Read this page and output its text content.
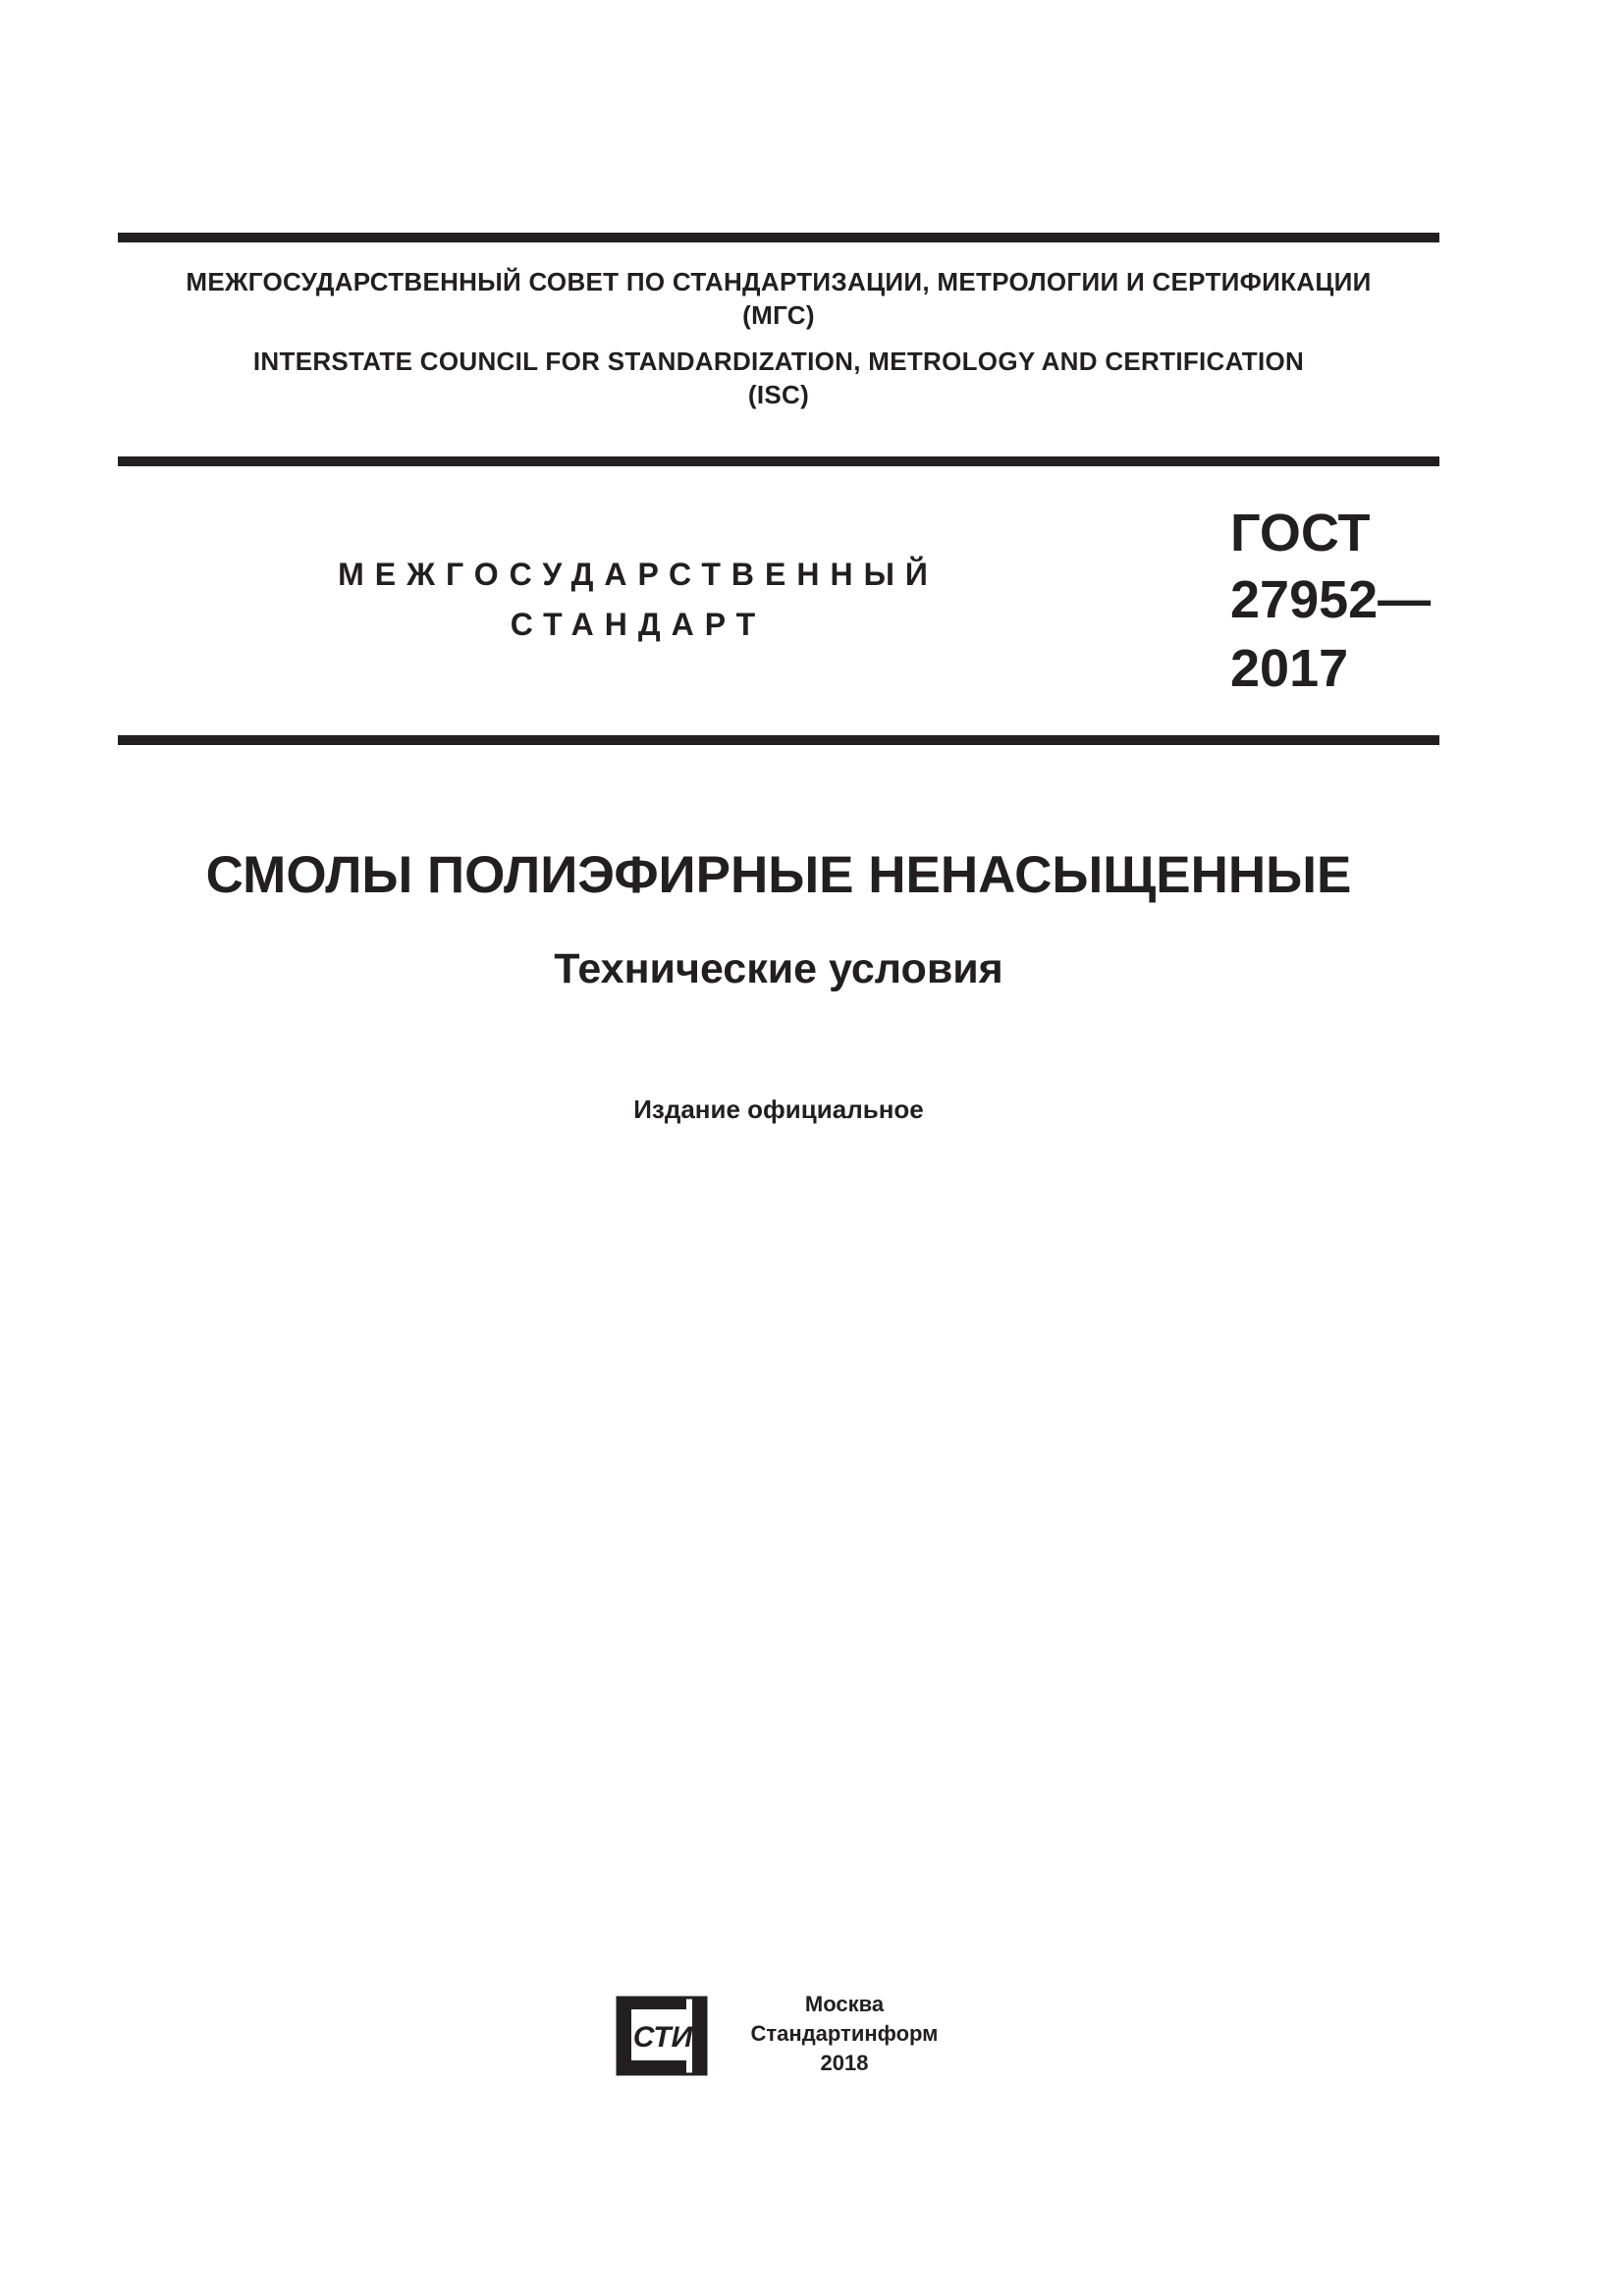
МЕЖГОСУДАРСТВЕННЫЙ СОВЕТ ПО СТАНДАРТИЗАЦИИ, МЕТРОЛОГИИ И СЕРТИФИКАЦИИ
(МГС)
INTERSTATE COUNCIL FOR STANDARDIZATION, METROLOGY AND CERTIFICATION
(ISC)
МЕЖГОСУДАРСТВЕННЫЙ
СТАНДАРТ
ГОСТ
27952—
2017
СМОЛЫ ПОЛИЭФИРНЫЕ НЕНАСЫЩЕННЫЕ
Технические условия
Издание официальное
СТИ
Москва
Стандартинформ
2018
